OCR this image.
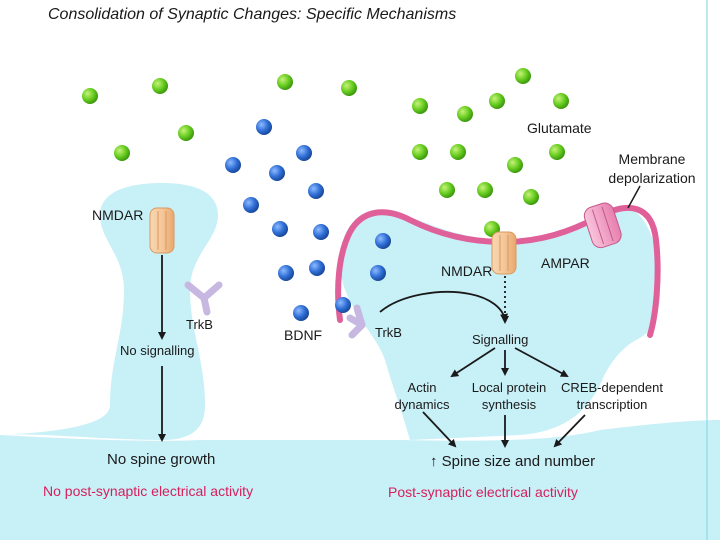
Consolidation of Synaptic Changes: Specific Mechanisms
Glutamate
Membrane
depolarization
NMDAR
NMDAR	AMPAR
TrkB
TrkB
BDNF
No signalling
Signalling
Actin
dynamics
Local protein
synthesis
CREB-dependent
transcription
No spine growth	↑ Spine size and number
No post-synaptic electrical activity	Post-synaptic electrical activity
